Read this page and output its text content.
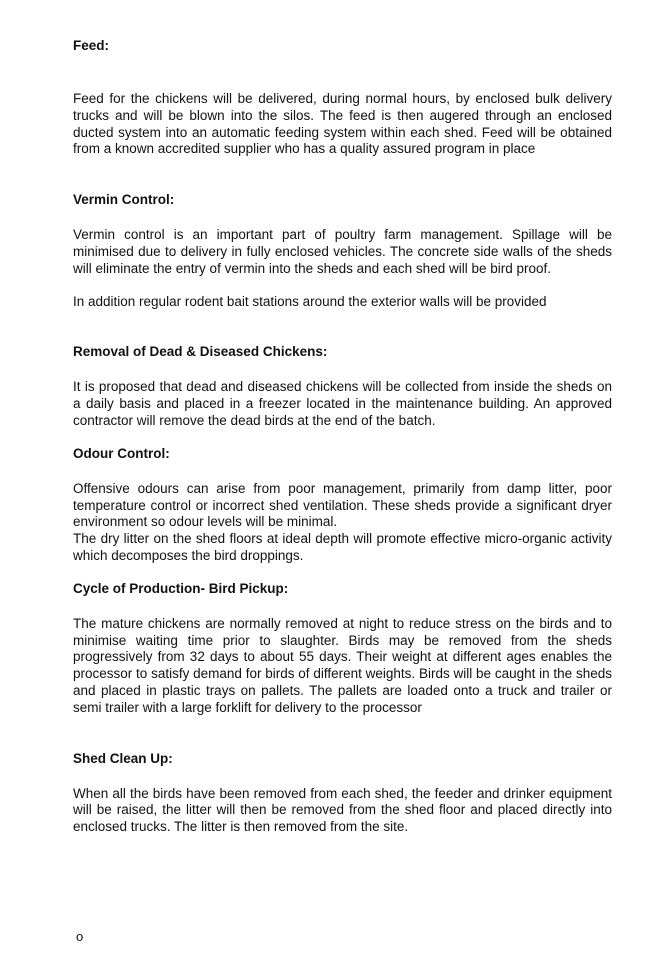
Feed:

Feed for the chickens will be delivered, during normal hours, by enclosed bulk delivery trucks and will be blown into the silos. The feed is then augered through an enclosed ducted system into an automatic feeding system within each shed. Feed will be obtained from a known accredited supplier who has a quality assured program in place

Vermin Control:

Vermin control is an important part of poultry farm management. Spillage will be minimised due to delivery in fully enclosed vehicles. The concrete side walls of the sheds will eliminate the entry of vermin into the sheds and each shed will be bird proof.

In addition regular rodent bait stations around the exterior walls will be provided

Removal of Dead & Diseased Chickens:

It is proposed that dead and diseased chickens will be collected from inside the sheds on a daily basis and placed in a freezer located in the maintenance building. An approved contractor will remove the dead birds at the end of the batch.

Odour Control:

Offensive odours can arise from poor management, primarily from damp litter, poor temperature control or incorrect shed ventilation. These sheds provide a significant dryer environment so odour levels will be minimal.

The dry litter on the shed floors at ideal depth will promote effective micro-organic activity which decomposes the bird droppings.

Cycle of Production- Bird Pickup:

The mature chickens are normally removed at night to reduce stress on the birds and to minimise waiting time prior to slaughter. Birds may be removed from the sheds progressively from 32 days to about 55 days. Their weight at different ages enables the processor to satisfy demand for birds of different weights. Birds will be caught in the sheds and placed in plastic trays on pallets. The pallets are loaded onto a truck and trailer or semi trailer with a large forklift for delivery to the processor

Shed Clean Up:

When all the birds have been removed from each shed, the feeder and drinker equipment will be raised, the litter will then be removed from the shed floor and placed directly into enclosed trucks. The litter is then removed from the site.

o
